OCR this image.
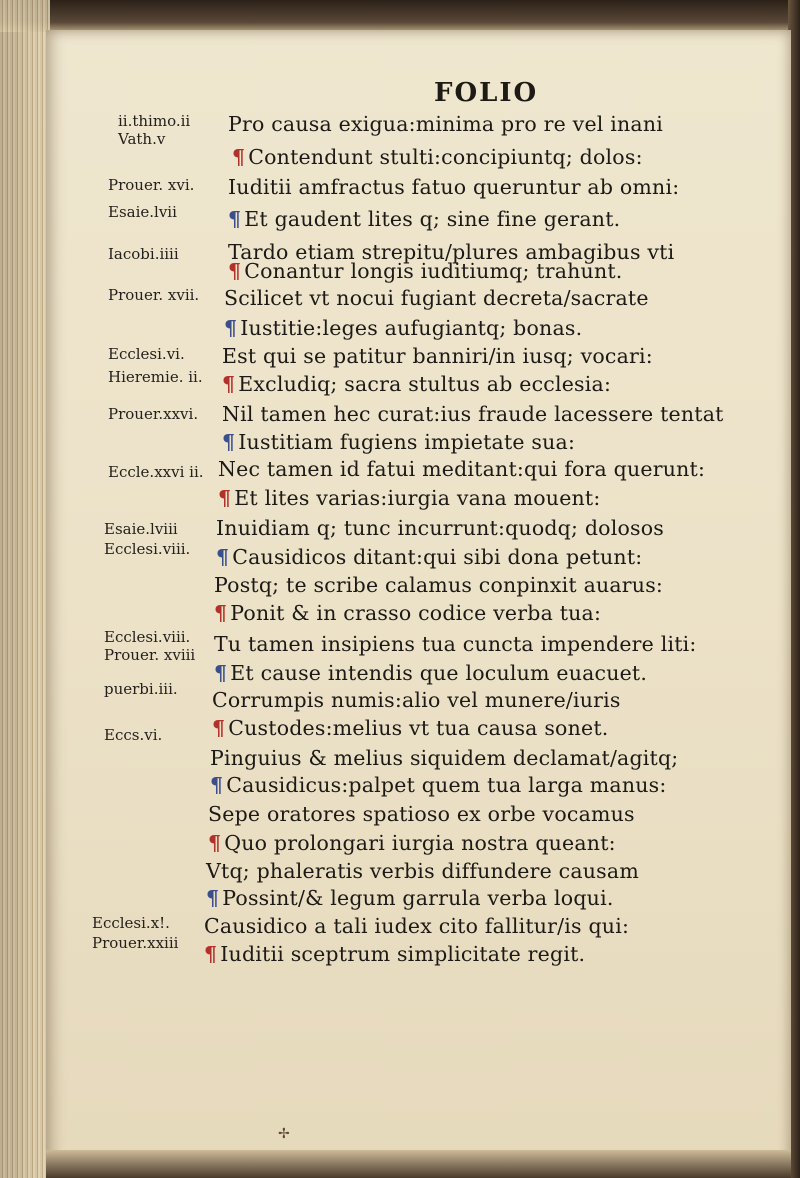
FOLIO
ii.thimo.ii
Vath.v
Prouer. xvi.
Esaie.lvii
Iacobi.iiii
Prouer. xvii.
Ecclesi.vi.
Hieremie. ii.
Prouer.xxvi.
Eccle.xxvi ii.
Esaie.lviii
Ecclesi.viii.
Ecclesi.viii.
Prouer. xviii
puerbi.iii.
Eccs.vi.
Ecclesi.x!.
Prouer.xxiii
Pro causa exigua:minima pro re vel inani
¶ Contendunt stulti:concipiuntq; dolos:
Iuditii amfractus fatuo queruntur ab omni:
¶ Et gaudent lites q; sine fine gerant.
Tardo etiam strepitu/plures ambagibus vti
¶ Conantur longis iuditiumq; trahunt.
Scilicet vt nocui fugiant decreta/sacrate
¶ Iustitie:leges aufugiantq; bonas.
Est qui se patitur banniri/in iusq; vocari:
¶ Excludiq; sacra stultus ab ecclesia:
Nil tamen hec curat:ius fraude lacessere tentat
¶ Iustitiam fugiens impietate sua:
Nec tamen id fatui meditant:qui fora querunt:
¶ Et lites varias:iurgia vana mouent:
Inuidiam q; tunc incurrunt:quodq; dolosos
¶ Causidicos ditant:qui sibi dona petunt:
Postq; te scribe calamus conpinxit auarus:
¶ Ponit & in crasso codice verba tua:
Tu tamen insipiens tua cuncta impendere liti:
¶ Et cause intendis que loculum euacuet.
Corrumpis numis:alio vel munere/iuris
¶ Custodes:melius vt tua causa sonet.
Pinguius & melius siquidem declamat/agitq;
¶ Causidicus:palpet quem tua larga manus:
Sepe oratores spatioso ex orbe vocamus
¶ Quo prolongari iurgia nostra queant:
Vtq; phaleratis verbis diffundere causam
¶ Possint/& legum garrula verba loqui.
Causidico a tali iudex cito fallitur/is qui:
¶ Iuditii sceptrum simplicitate regit.
